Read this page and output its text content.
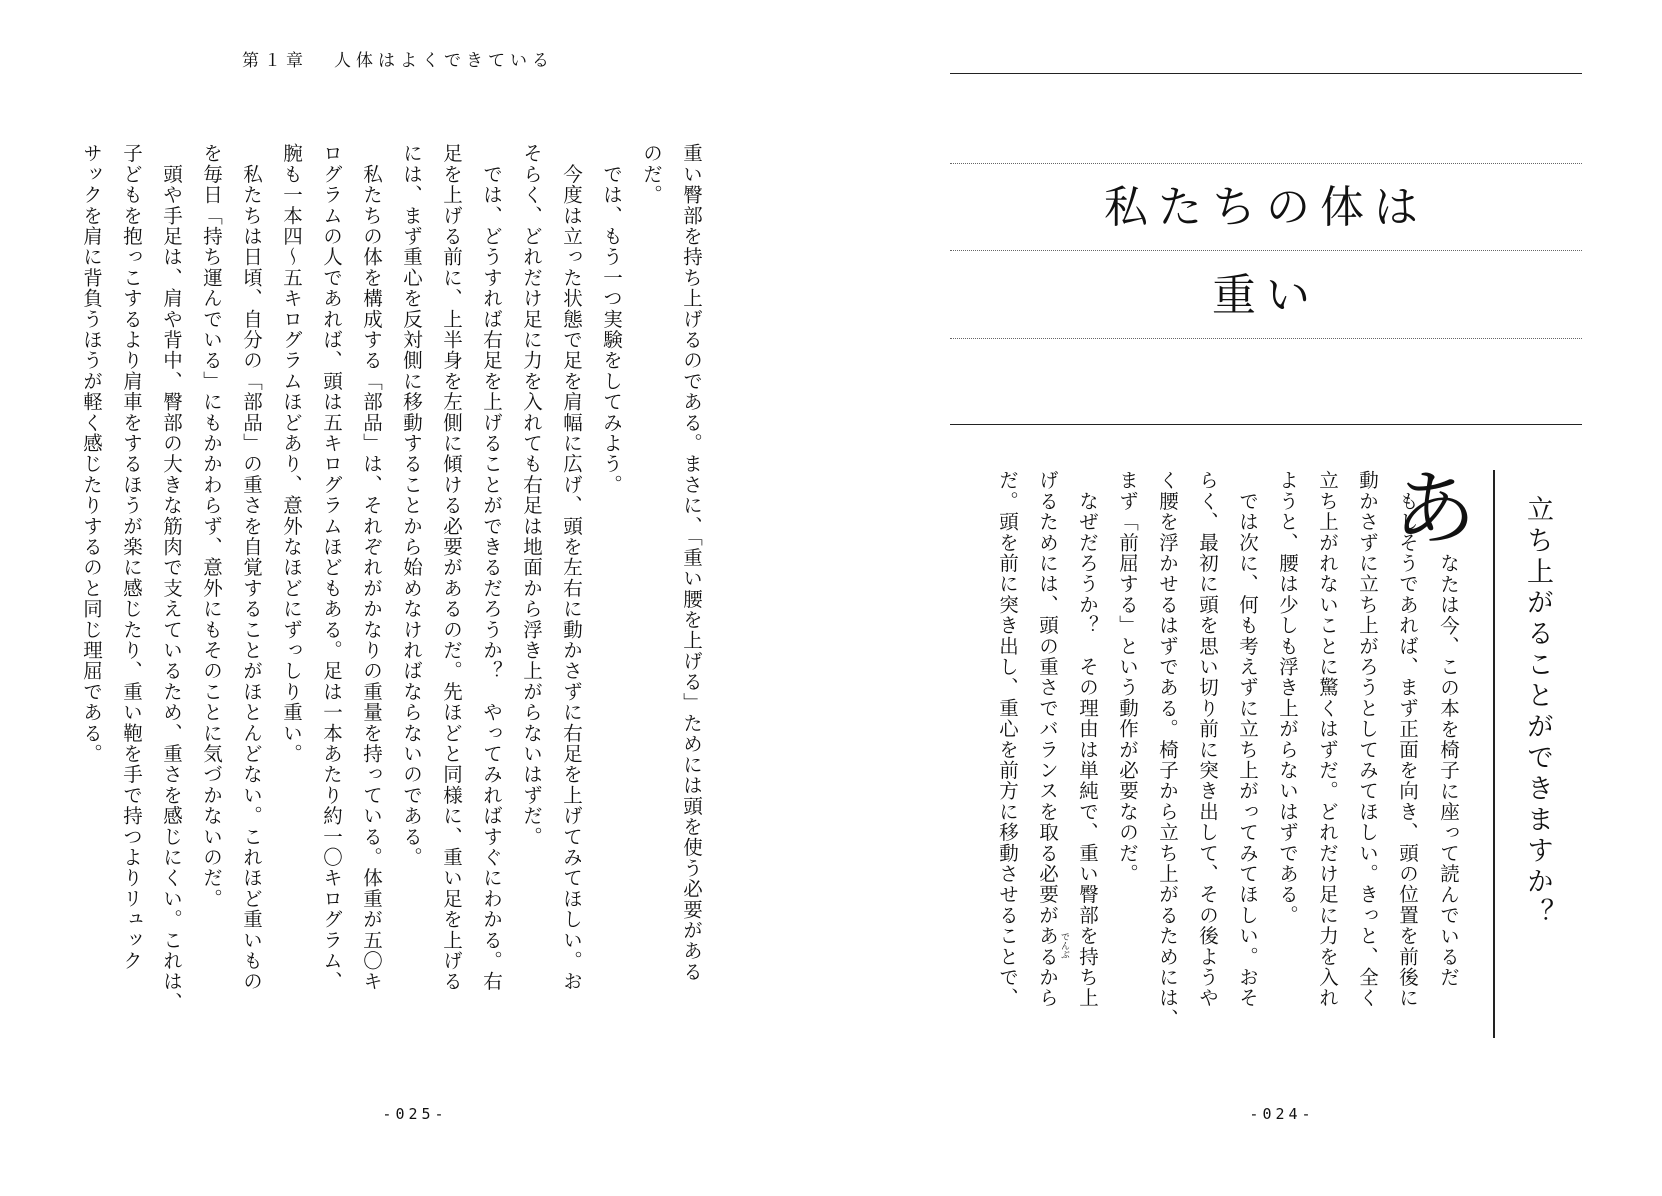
第１章 人体はよくできている
重い臀部を持ち上げるのである。まさに、「重い腰を上げる」ためには頭を使う必要がある
のだ。
　では、もう一つ実験をしてみよう。
　今度は立った状態で足を肩幅に広げ、頭を左右に動かさずに右足を上げてみてほしい。お
そらく、どれだけ足に力を入れても右足は地面から浮き上がらないはずだ。
　では、どうすれば右足を上げることができるだろうか？　やってみればすぐにわかる。右
足を上げる前に、上半身を左側に傾ける必要があるのだ。先ほどと同様に、重い足を上げる
には、まず重心を反対側に移動することから始めなければならないのである。
　私たちの体を構成する「部品」は、それぞれがかなりの重量を持っている。体重が五〇キ
ログラムの人であれば、頭は五キログラムほどもある。足は一本あたり約一〇キログラム、
腕も一本四～五キログラムほどあり、意外なほどにずっしり重い。
　私たちは日頃、自分の「部品」の重さを自覚することがほとんどない。これほど重いもの
を毎日「持ち運んでいる」にもかかわらず、意外にもそのことに気づかないのだ。
　頭や手足は、肩や背中、臀部の大きな筋肉で支えているため、重さを感じにくい。これは、
子どもを抱っこするより肩車をするほうが楽に感じたり、重い鞄を手で持つよりリュック
サックを肩に背負うほうが軽く感じたりするのと同じ理屈である。
-025-
私たちの体は
重い
立ち上がることができますか？
あ
なたは今、この本を椅子に座って読んでいるだ

　もしそうであれば、まず正面を向き、頭の位置を前後に
動かさずに立ち上がろうとしてみてほしい。きっと、全く
立ち上がれないことに驚くはずだ。どれだけ足に力を入れ
ようと、腰は少しも浮き上がらないはずである。
　では次に、何も考えずに立ち上がってみてほしい。おそ
らく、最初に頭を思い切り前に突き出して、その後ようや
く腰を浮かせるはずである。椅子から立ち上がるためには、
まず「前屈する」という動作が必要なのだ。
　なぜだろうか？　その理由は単純で、重い臀部を持ち上
げるためには、頭の重さでバランスを取る必要があるから
だ。頭を前に突き出し、重心を前方に移動させることで、	でんぶ
-024-
